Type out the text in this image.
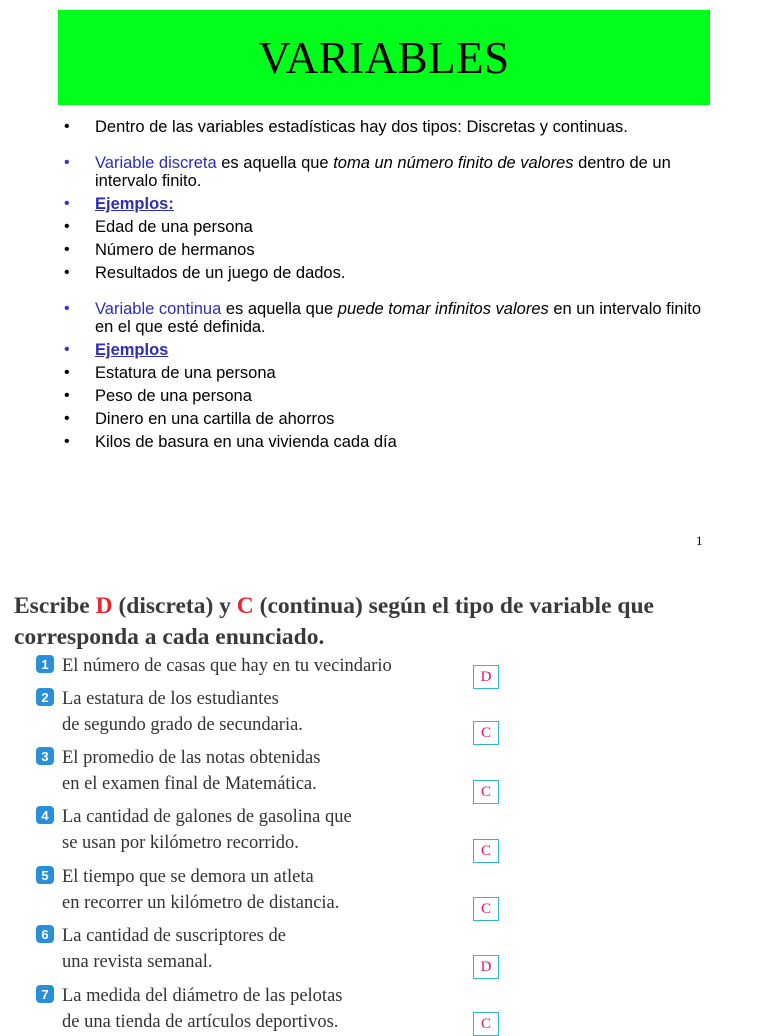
VARIABLES
• Dentro de las variables estadísticas hay dos tipos: Discretas y continuas.
• Variable discreta es aquella que toma un número finito de valores dentro de un intervalo finito.
• Ejemplos:
• Edad de una persona
• Número de hermanos
• Resultados de un juego de dados.
• Variable continua es aquella que puede tomar infinitos valores en un intervalo finito en el que esté definida.
• Ejemplos
• Estatura de una persona
• Peso de una persona
• Dinero en una cartilla de ahorros
• Kilos de basura en una vivienda cada día
1

Escribe D (discreta) y C (continua) según el tipo de variable que corresponda a cada enunciado.

1 El número de casas que hay en tu vecindario
D
2 La estatura de los estudiantes
de segundo grado de secundaria.	C
3 El promedio de las notas obtenidas
en el examen final de Matemática.	C
4 La cantidad de galones de gasolina que
se usan por kilómetro recorrido.	C
5 El tiempo que se demora un atleta
en recorrer un kilómetro de distancia.	C
6 La cantidad de suscriptores de
una revista semanal.	D
7 La medida del diámetro de las pelotas
de una tienda de artículos deportivos.	C
